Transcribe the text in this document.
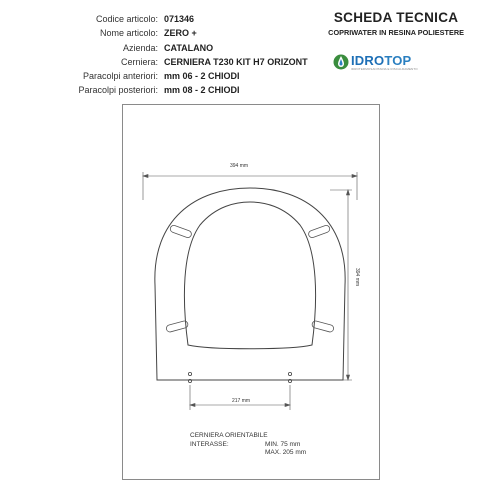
Codice articolo: 071346
Nome articolo: ZERO +
Azienda: CATALANO
Cerniera: CERNIERA T230 KIT H7 ORIZONT
Paracolpi anteriori: mm 06 - 2 CHIODI
Paracolpi posteriori: mm 08 - 2 CHIODI
SCHEDA TECNICA
COPRIWATER IN RESINA POLIESTERE
IDROTOP
IDROTERMOSANITARIA E RISCALDAMENTO
394 mm
394 mm
217 mm
CERNIERA ORIENTABILE
INTERASSE:	MIN. 75 mm
MAX. 205 mm
